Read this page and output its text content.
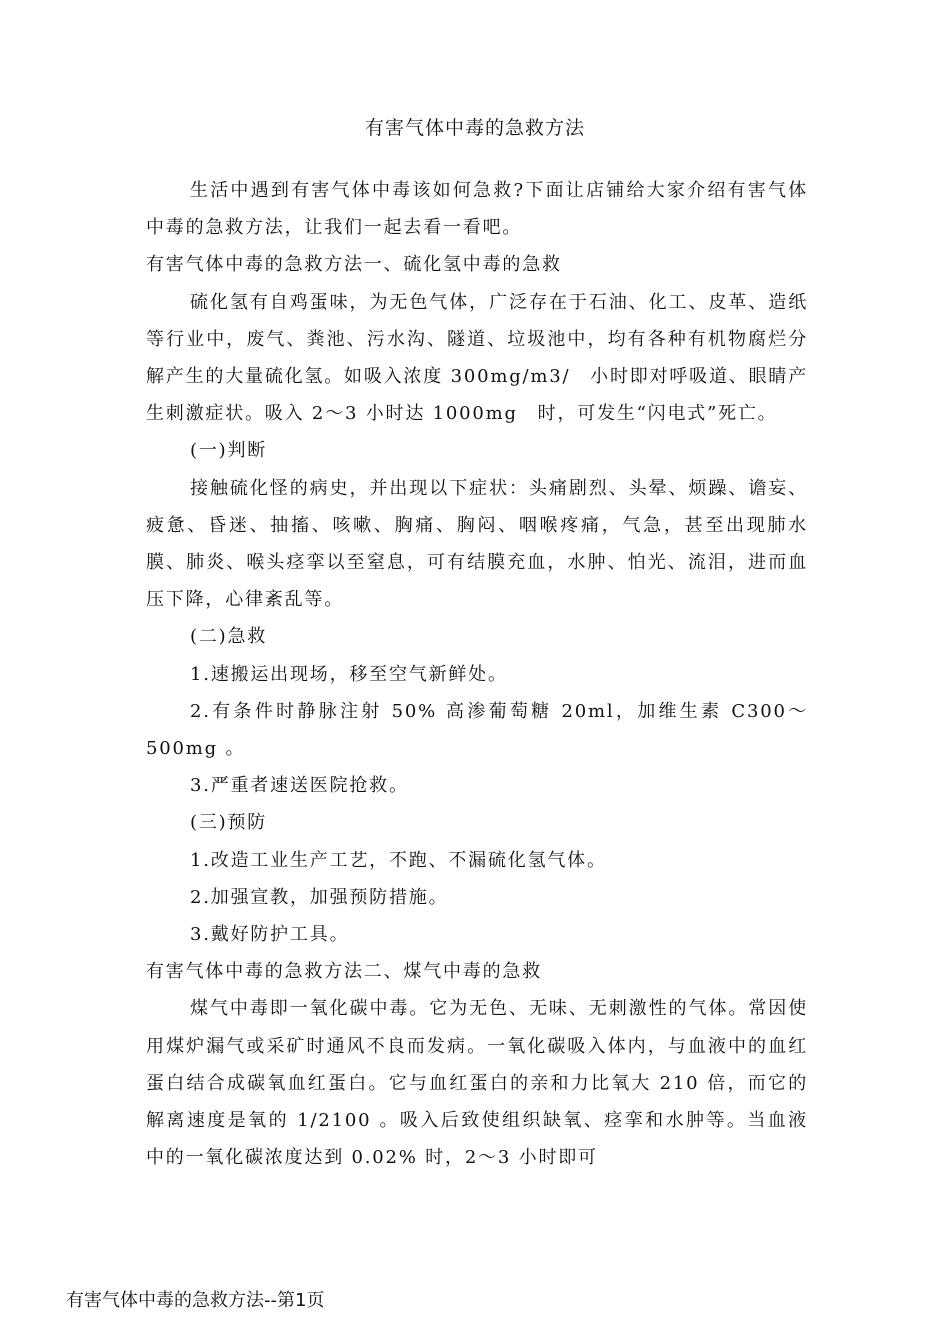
有害气体中毒的急救方法

生活中遇到有害气体中毒该如何急救?下面让店铺给大家介绍有害气体中毒的急救方法，让我们一起去看一看吧。

有害气体中毒的急救方法一、硫化氢中毒的急救

硫化氢有自鸡蛋味，为无色气体，广泛存在于石油、化工、皮革、造纸等行业中，废气、粪池、污水沟、隧道、垃圾池中，均有各种有机物腐烂分解产生的大量硫化氢。如吸入浓度 300mg/m3/　小时即对呼吸道、眼睛产生刺激症状。吸入 2～3 小时达 1000mg　时，可发生“闪电式”死亡。

(一)判断

接触硫化怪的病史，并出现以下症状：头痛剧烈、头晕、烦躁、谵妄、疲惫、昏迷、抽搐、咳嗽、胸痛、胸闷、咽喉疼痛，气急，甚至出现肺水膜、肺炎、喉头痉挛以至窒息，可有结膜充血，水肿、怕光、流泪，进而血压下降，心律紊乱等。

(二)急救

1.速搬运出现场，移至空气新鲜处。

2.有条件时静脉注射 50% 高渗葡萄糖 20ml，加维生素 C300～500mg 。

3.严重者速送医院抢救。

(三)预防

1.改造工业生产工艺，不跑、不漏硫化氢气体。

2.加强宣教，加强预防措施。

3.戴好防护工具。

有害气体中毒的急救方法二、煤气中毒的急救

煤气中毒即一氧化碳中毒。它为无色、无味、无刺激性的气体。常因使用煤炉漏气或采矿时通风不良而发病。一氧化碳吸入体内，与血液中的血红蛋白结合成碳氧血红蛋白。它与血红蛋白的亲和力比氧大 210 倍，而它的解离速度是氧的 1/2100 。吸入后致使组织缺氧、痉挛和水肿等。当血液中的一氧化碳浓度达到 0.02% 时，2～3 小时即可

有害气体中毒的急救方法--第1页
